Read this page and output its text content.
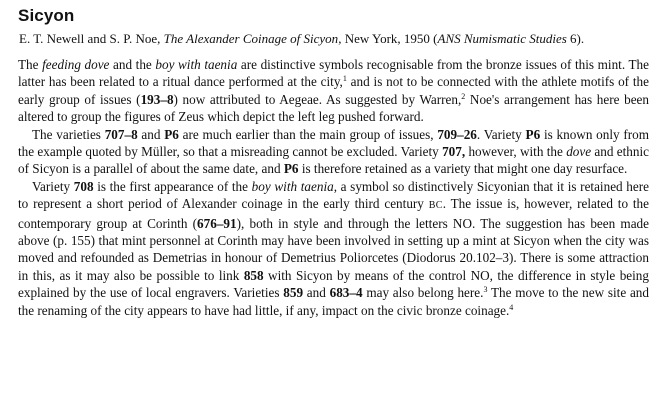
Sicyon
E. T. Newell and S. P. Noe, The Alexander Coinage of Sicyon, New York, 1950 (ANS Numismatic Studies 6).

The feeding dove and the boy with taenia are distinctive symbols recognisable from the bronze issues of this mint. The latter has been related to a ritual dance performed at the city,$^1$ and is not to be connected with the athlete motifs of the early group of issues (193–8) now attributed to Aegeae. As suggested by Warren,$^2$ Noe's arrangement has here been altered to group the figures of Zeus which depict the left leg pushed forward.

The varieties 707–8 and P6 are much earlier than the main group of issues, 709–26. Variety P6 is known only from the example quoted by Müller, so that a misreading cannot be excluded. Variety 707, however, with the dove and ethnic of Sicyon is a parallel of about the same date, and P6 is therefore retained as a variety that might one day resurface.

Variety 708 is the first appearance of the boy with taenia, a symbol so distinctively Sicyonian that it is retained here to represent a short period of Alexander coinage in the early third century BC. The issue is, however, related to the contemporary group at Corinth (676–91), both in style and through the letters NO. The suggestion has been made above (p. 155) that mint personnel at Corinth may have been involved in setting up a mint at Sicyon when the city was moved and refounded as Demetrias in honour of Demetrius Poliorcetes (Diodorus 20.102–3). There is some attraction in this, as it may also be possible to link 858 with Sicyon by means of the control NO, the difference in style being explained by the use of local engravers. Varieties 859 and 683–4 may also belong here.$^3$ The move to the new site and the renaming of the city appears to have had little, if any, impact on the civic bronze coinage.$^4$
